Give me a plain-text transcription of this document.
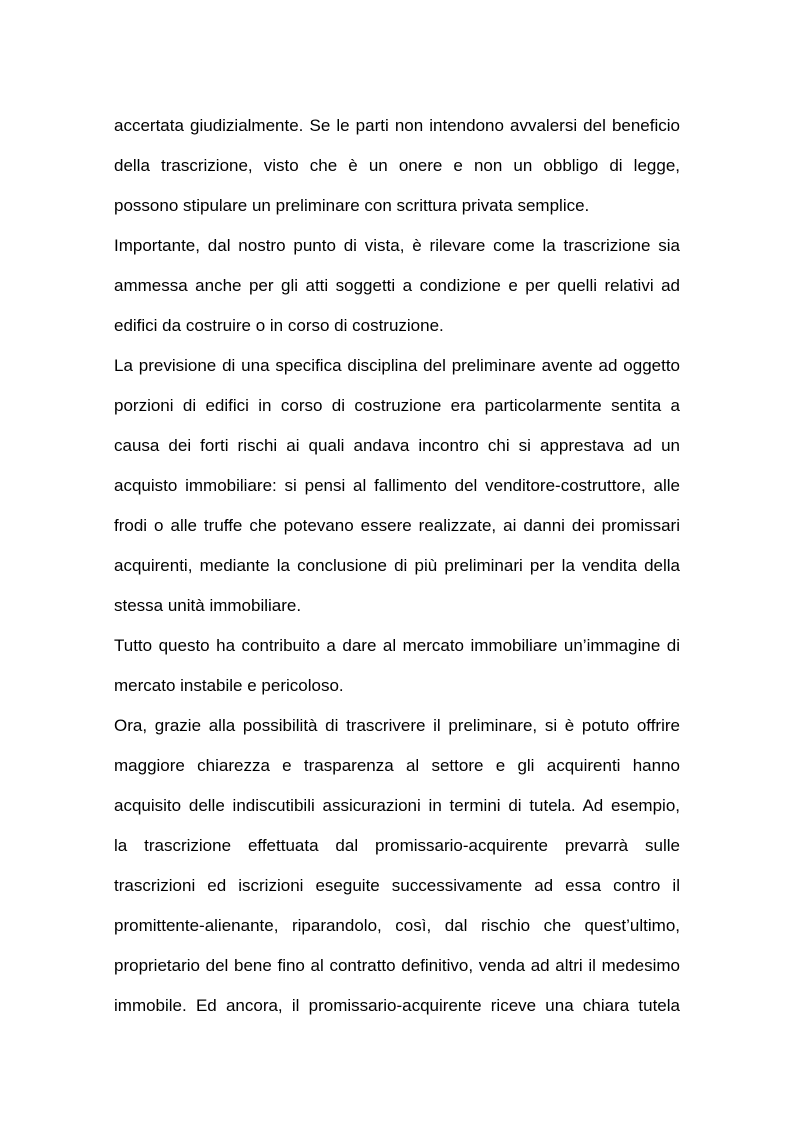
accertata giudizialmente. Se le parti non intendono avvalersi del beneficio
della trascrizione, visto che è un onere e non un obbligo di legge,
possono stipulare un preliminare con scrittura privata semplice.
Importante, dal nostro punto di vista, è rilevare come la trascrizione sia
ammessa anche per gli atti soggetti a condizione e per quelli relativi ad
edifici da costruire o in corso di costruzione.
La previsione di una specifica disciplina del preliminare avente ad oggetto
porzioni di edifici in corso di costruzione era particolarmente sentita a
causa dei forti rischi ai quali andava incontro chi si apprestava ad un
acquisto immobiliare: si pensi al fallimento del venditore-costruttore, alle
frodi o alle truffe che potevano essere realizzate, ai danni dei promissari
acquirenti, mediante la conclusione di più preliminari per la vendita della
stessa unità immobiliare.
Tutto questo ha contribuito a dare al mercato immobiliare un’immagine di
mercato instabile e pericoloso.
Ora, grazie alla possibilità di trascrivere il preliminare, si è potuto offrire
maggiore chiarezza e trasparenza al settore e gli acquirenti hanno
acquisito delle indiscutibili assicurazioni in termini di tutela. Ad esempio,
la trascrizione effettuata dal promissario-acquirente prevarrà sulle
trascrizioni ed iscrizioni eseguite successivamente ad essa contro il
promittente-alienante, riparandolo, così, dal rischio che quest’ultimo,
proprietario del bene fino al contratto definitivo, venda ad altri il medesimo
immobile. Ed ancora, il promissario-acquirente riceve una chiara tutela
